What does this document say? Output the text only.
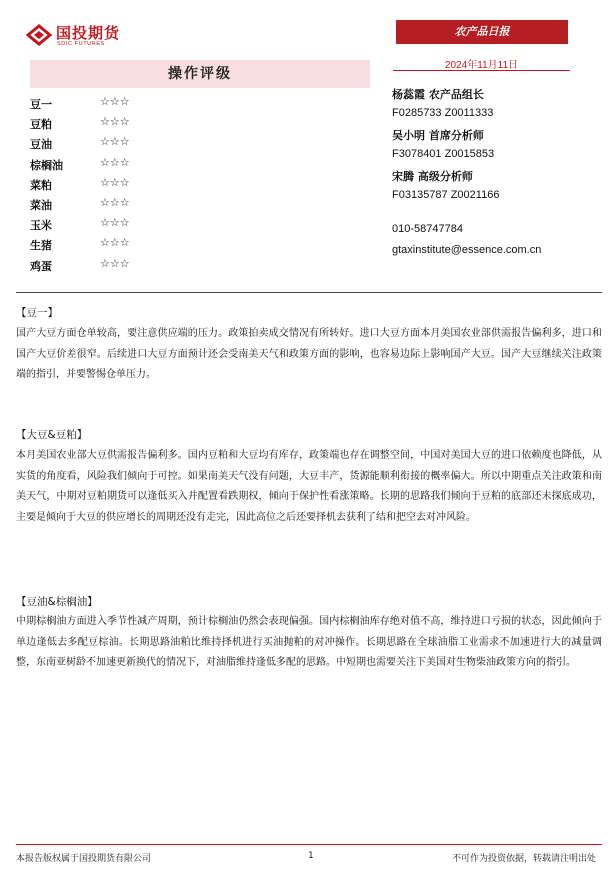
国投期货
SDIC FUTURES
农产品日报
2024年11月11日
操作评级
豆一	☆☆☆
豆粕	☆☆☆
豆油	☆☆☆
棕榈油	☆☆☆
菜粕	☆☆☆
菜油	☆☆☆
玉米	☆☆☆
生猪	☆☆☆
鸡蛋	☆☆☆
杨蕊霞 农产品组长
F0285733 Z0011333
吴小明 首席分析师
F3078401 Z0015853
宋腾 高级分析师
F03135787 Z0021166
010-58747784
gtaxinstitute@essence.com.cn
【豆一】
国产大豆方面仓单较高，要注意供应端的压力。政策拍卖成交情况有所转好。进口大豆方面本月美国农业部供需报告偏利多，进口和国产大豆价差很窄。后续进口大豆方面预计还会受南美天气和政策方面的影响，也容易边际上影响国产大豆。国产大豆继续关注政策端的指引，并要警惕仓单压力。
【大豆&豆粕】
本月美国农业部大豆供需报告偏利多。国内豆粕和大豆均有库存，政策端也存在调整空间，中国对美国大豆的进口依赖度也降低，从实货的角度看，风险我们倾向于可控。如果南美天气没有问题，大豆丰产，货源能顺利衔接的概率偏大。所以中期重点关注政策和南美天气，中期对豆粕期货可以逢低买入并配置看跌期权，倾向于保护性看涨策略。长期的思路我们倾向于豆粕的底部还未探底成功，主要是倾向于大豆的供应增长的周期还没有走完，因此高位之后还要择机去获利了结和把空去对冲风险。
【豆油&棕榈油】
中期棕榈油方面进入季节性减产周期，预计棕榈油仍然会表现偏强。国内棕榈油库存绝对值不高，维持进口亏损的状态，因此倾向于单边逢低去多配豆棕油。长期思路油粕比维持择机进行买油抛粕的对冲操作。长期思路在全球油脂工业需求不加速进行大的减量调整，东南亚树龄不加速更新换代的情况下，对油脂维持逢低多配的思路。中短期也需要关注下美国对生物柴油政策方向的指引。
本报告版权属于国投期货有限公司	1	不可作为投资依据，转载请注明出处
